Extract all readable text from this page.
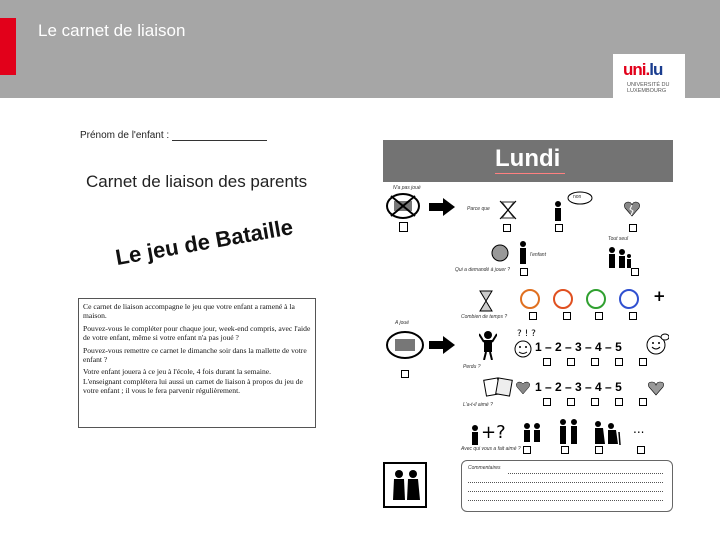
Le carnet de liaison
uni.lu
UNIVERSITÉ DU
LUXEMBOURG
Prénom de l'enfant :
Carnet de liaison des parents
Le jeu de Bataille

Ce carnet de liaison accompagne le jeu que votre enfant a ramené à la maison.

Pouvez-vous le compléter pour chaque jour, week-end compris, avec l'aide de votre enfant, même si votre enfant n'a pas joué ?

Pouvez-vous remettre ce carnet le dimanche soir dans la mallette de votre enfant ?

Votre enfant jouera à ce jeu à l'école, 4 fois durant la semaine. L'enseignant complétera lui aussi un carnet de liaison à propos du jeu de votre enfant ; il vous le fera parvenir régulièrement.

Lundi
N'a pas joué
Parce que
non
Tout seul
l'enfant
Qui a demandé à jouer ?
Combien de temps ?
+
A joué
? ! ?
1 – 2 – 3 – 4 – 5
Perdu ?
1 – 2 – 3 – 4 – 5
L'a-t-il aimé ?
+?	...
Avec qui vous a fait aimé ?
Commentaires
